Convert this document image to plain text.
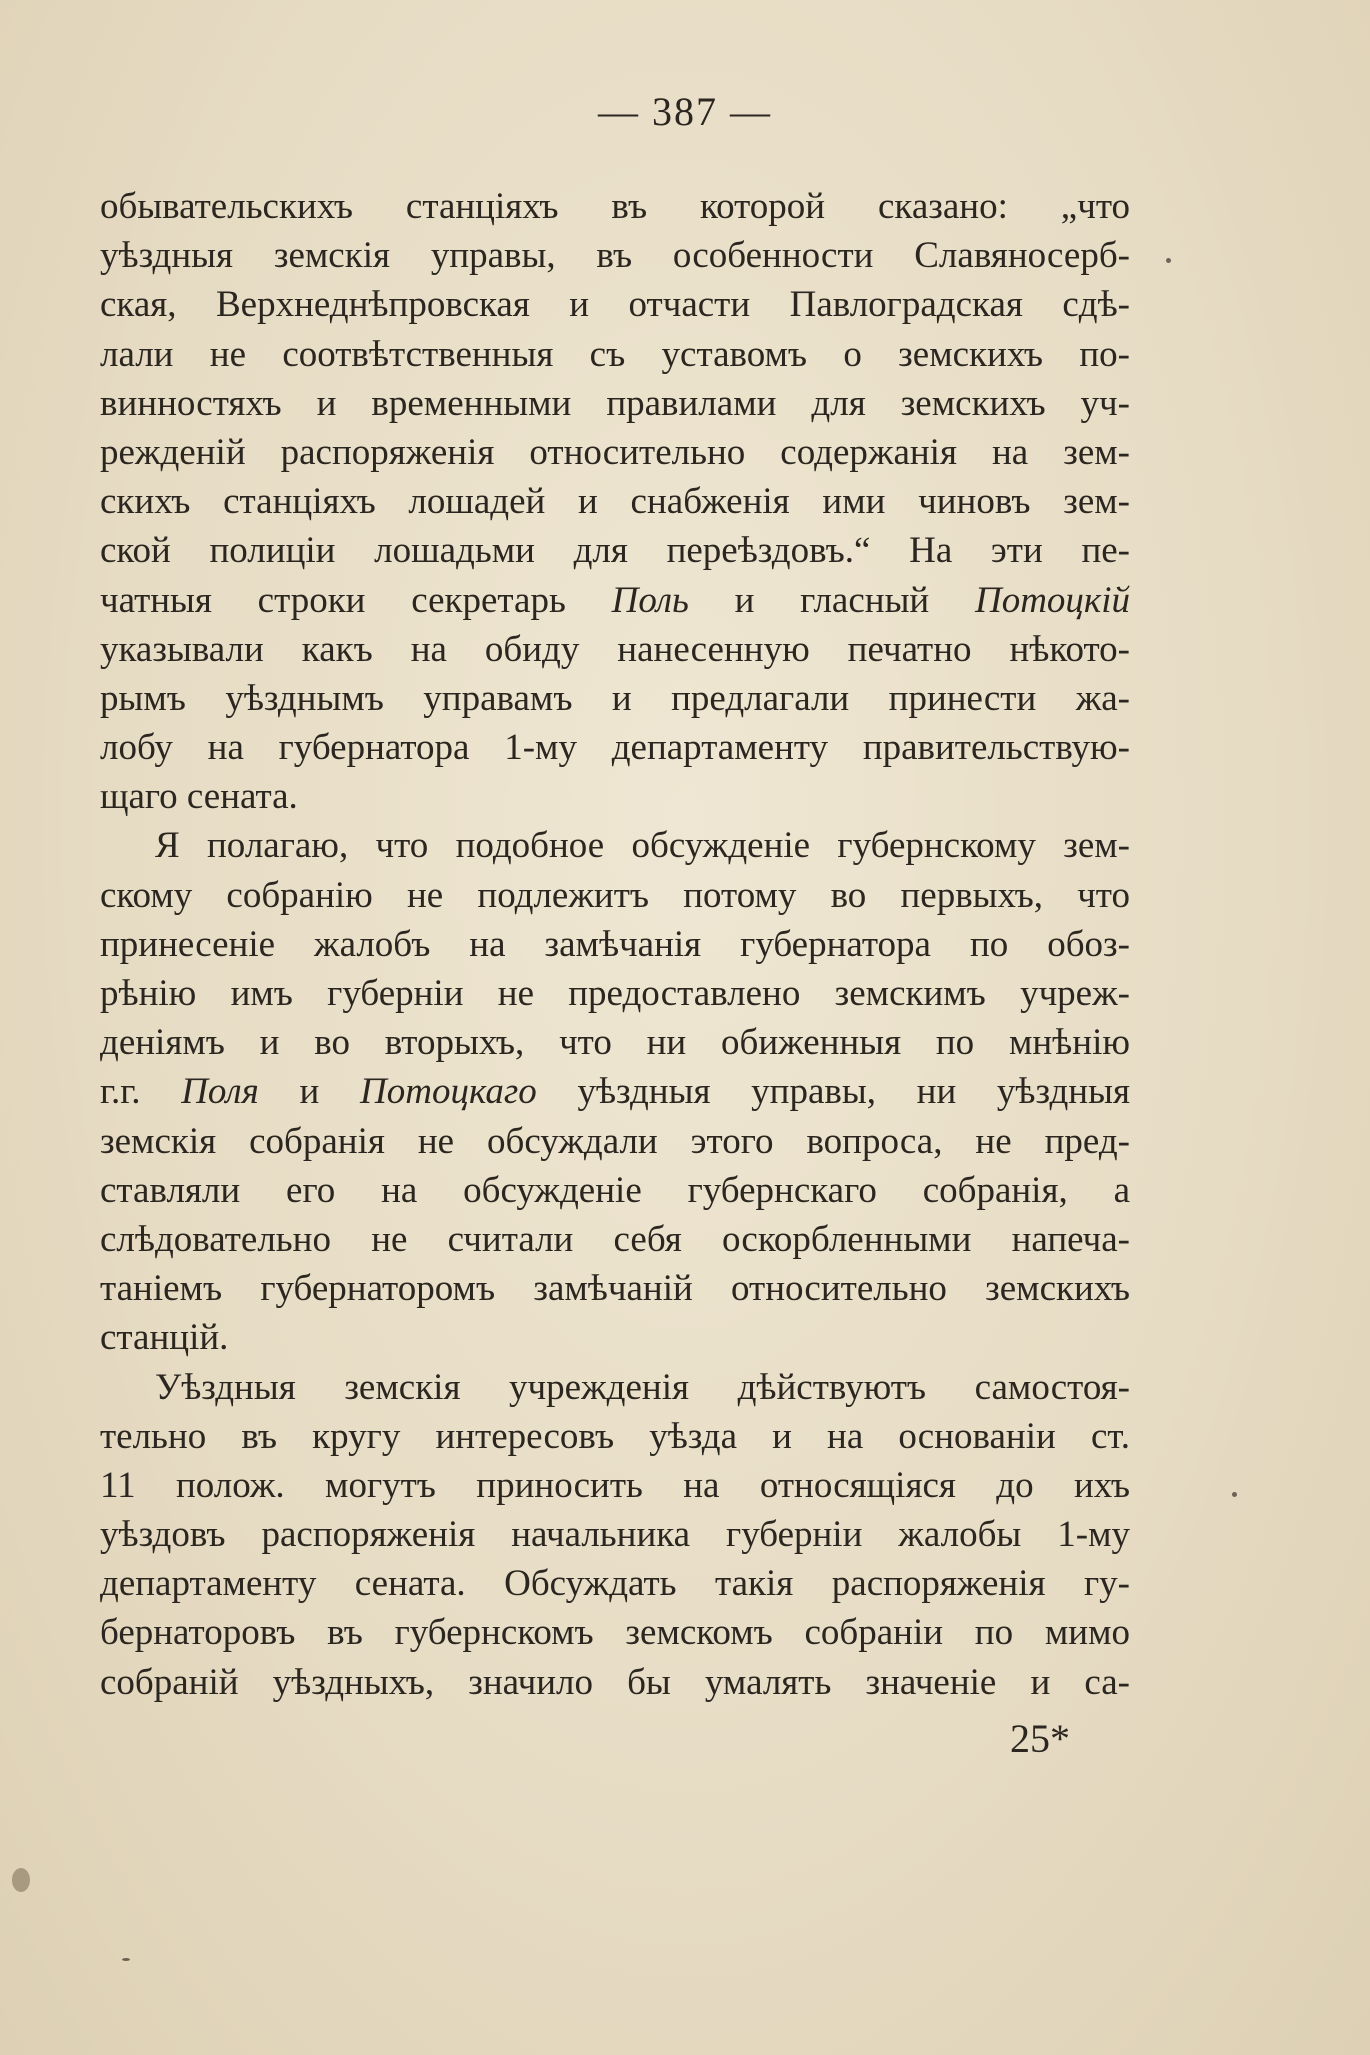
— 387 —
обывательскихъ станціяхъ въ которой сказано: „что
уѣздныя земскія управы, въ особенности Славяносерб-
ская, Верхнеднѣпровская и отчасти Павлоградская сдѣ-
лали не соотвѣтственныя съ уставомъ о земскихъ по-
винностяхъ и временными правилами для земскихъ уч-
режденій распоряженія относительно содержанія на зем-
скихъ станціяхъ лошадей и снабженія ими чиновъ зем-
ской полиціи лошадьми для переѣздовъ.“ На эти пе-
чатныя строки секретарь Поль и гласный Потоцкій
указывали какъ на обиду нанесенную печатно нѣкото-
рымъ уѣзднымъ управамъ и предлагали принести жа-
лобу на губернатора 1-му департаменту правительствую-
щаго сената.
Я полагаю, что подобное обсужденіе губернскому зем-
скому собранію не подлежитъ потому во первыхъ, что
принесеніе жалобъ на замѣчанія губернатора по обоз-
рѣнію имъ губерніи не предоставлено земскимъ учреж-
деніямъ и во вторыхъ, что ни обиженныя по мнѣнію
г.г. Поля и Потоцкаго уѣздныя управы, ни уѣздныя
земскія собранія не обсуждали этого вопроса, не пред-
ставляли его на обсужденіе губернскаго собранія, а
слѣдовательно не считали себя оскорбленными напеча-
таніемъ губернаторомъ замѣчаній относительно земскихъ
станцій.
Уѣздныя земскія учрежденія дѣйствуютъ самостоя-
тельно въ кругу интересовъ уѣзда и на основаніи ст.
11 полож. могутъ приносить на относящіяся до ихъ
уѣздовъ распоряженія начальника губерніи жалобы 1-му
департаменту сената. Обсуждать такія распоряженія гу-
бернаторовъ въ губернскомъ земскомъ собраніи по мимо
собраній уѣздныхъ, значило бы умалять значеніе и са-
25*
